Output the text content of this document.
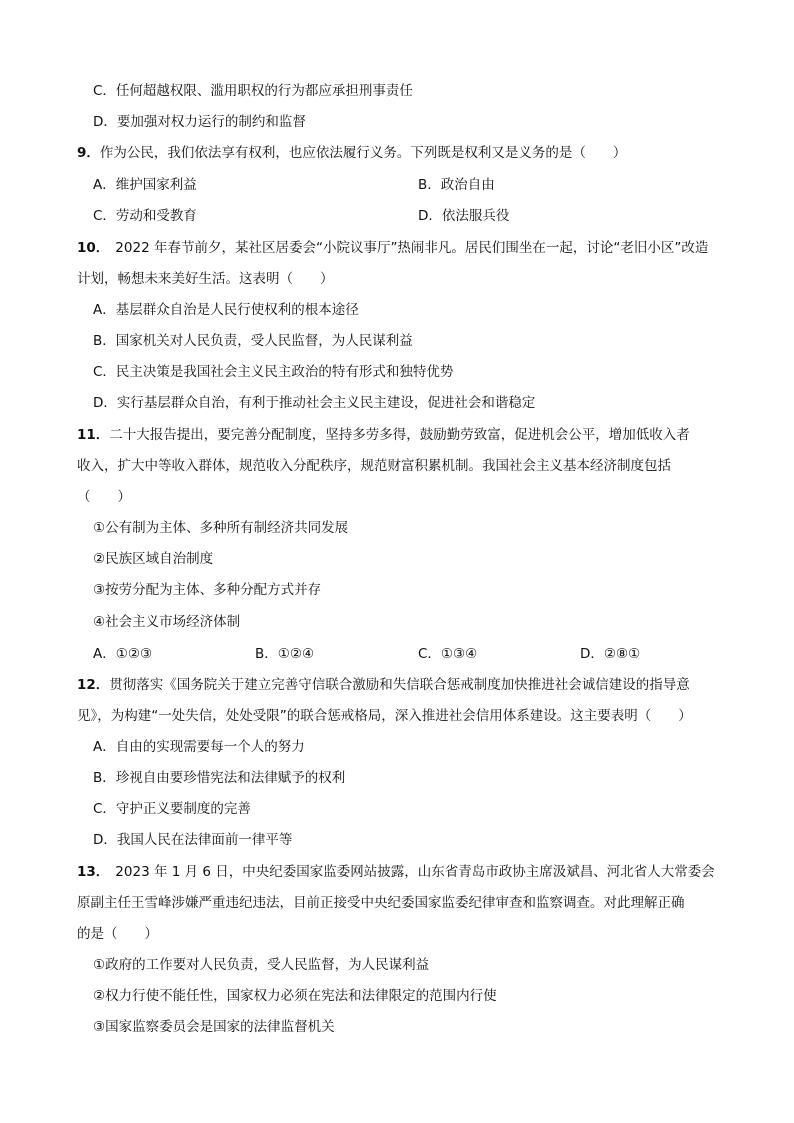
C．任何超越权限、滥用职权的行为都应承担刑事责任
D．要加强对权力运行的制约和监督
9．作为公民，我们依法享有权利，也应依法履行义务。下列既是权利又是义务的是（　　）
A．维护国家利益	B．政治自由
C．劳动和受教育	D．依法服兵役
10． 2022 年春节前夕，某社区居委会“小院议事厅”热闹非凡。居民们围坐在一起，讨论“老旧小区”改造
计划，畅想未来美好生活。这表明（　　）
A．基层群众自治是人民行使权利的根本途径
B．国家机关对人民负责，受人民监督，为人民谋利益
C．民主决策是我国社会主义民主政治的特有形式和独特优势
D．实行基层群众自治，有利于推动社会主义民主建设，促进社会和谐稳定
11．二十大报告提出，要完善分配制度，坚持多劳多得，鼓励勤劳致富，促进机会公平，增加低收入者
收入，扩大中等收入群体，规范收入分配秩序，规范财富积累机制。我国社会主义基本经济制度包括
（　　）
①公有制为主体、多种所有制经济共同发展
②民族区域自治制度
③按劳分配为主体、多种分配方式并存
④社会主义市场经济体制
A．①②③	B．①②④	C．①③④	D．②⑧①
12．贯彻落实《国务院关于建立完善守信联合激励和失信联合惩戒制度加快推进社会诚信建设的指导意
见》，为构建“一处失信，处处受限”的联合惩戒格局，深入推进社会信用体系建设。这主要表明（　　）
A．自由的实现需要每一个人的努力
B．珍视自由要珍惜宪法和法律赋予的权利
C．守护正义要制度的完善
D．我国人民在法律面前一律平等
13． 2023 年 1 月 6 日，中央纪委国家监委网站披露，山东省青岛市政协主席汲斌昌、河北省人大常委会
原副主任王雪峰涉嫌严重违纪违法，目前正接受中央纪委国家监委纪律审查和监察调查。对此理解正确
的是（　　）
①政府的工作要对人民负责，受人民监督，为人民谋利益
②权力行使不能任性，国家权力必须在宪法和法律限定的范围内行使
③国家监察委员会是国家的法律监督机关
